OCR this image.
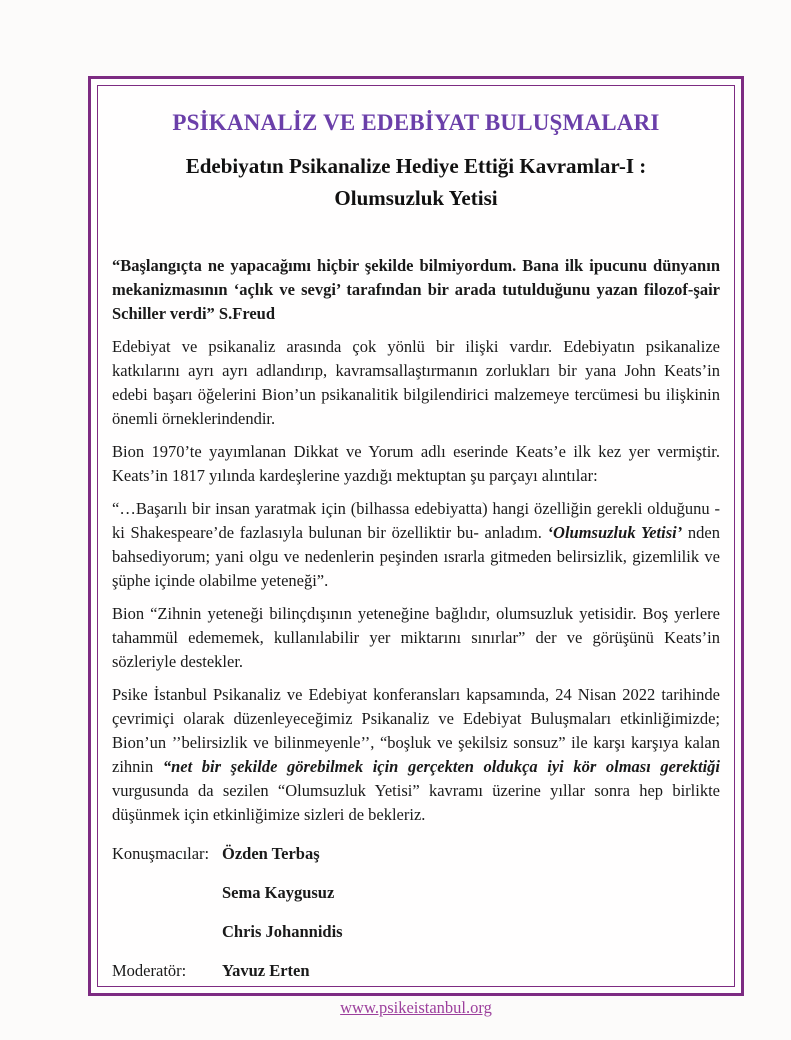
PSİKANALİZ VE EDEBİYAT BULUŞMALARI
Edebiyatın Psikanalize Hediye Ettiği Kavramlar-I :
Olumsuzluk Yetisi

“Başlangıçta ne yapacağımı hiçbir şekilde bilmiyordum. Bana ilk ipucunu dünyanın mekanizmasının ‘açlık ve sevgi’ tarafından bir arada tutulduğunu yazan filozof-şair Schiller verdi” S.Freud

Edebiyat ve psikanaliz arasında çok yönlü bir ilişki vardır. Edebiyatın psikanalize katkılarını ayrı ayrı adlandırıp, kavramsallaştırmanın zorlukları bir yana John Keats’in edebi başarı öğelerini Bion’un psikanalitik bilgilendirici malzemeye tercümesi bu ilişkinin önemli örneklerindendir.

Bion 1970’te yayımlanan Dikkat ve Yorum adlı eserinde Keats’e ilk kez yer vermiştir. Keats’in 1817 yılında kardeşlerine yazdığı mektuptan şu parçayı alıntılar:

“…Başarılı bir insan yaratmak için (bilhassa edebiyatta) hangi özelliğin gerekli olduğunu -ki Shakespeare’de fazlasıyla bulunan bir özelliktir bu- anladım. ‘Olumsuzluk Yetisi’ nden bahsediyorum; yani olgu ve nedenlerin peşinden ısrarla gitmeden belirsizlik, gizemlilik ve şüphe içinde olabilme yeteneği”.

Bion “Zihnin yeteneği bilinçdışının yeteneğine bağlıdır, olumsuzluk yetisidir. Boş yerlere tahammül edememek, kullanılabilir yer miktarını sınırlar” der ve görüşünü Keats’in sözleriyle destekler.

Psike İstanbul Psikanaliz ve Edebiyat konferansları kapsamında, 24 Nisan 2022 tarihinde çevrimiçi olarak düzenleyeceğimiz Psikanaliz ve Edebiyat Buluşmaları etkinliğimizde; Bion’un ’’belirsizlik ve bilinmeyenle’’, “boşluk ve şekilsiz sonsuz” ile karşı karşıya kalan zihnin “net bir şekilde görebilmek için gerçekten oldukça iyi kör olması gerektiği vurgusunda da sezilen “Olumsuzluk Yetisi” kavramı üzerine yıllar sonra hep birlikte düşünmek için etkinliğimize sizleri de bekleriz.

Konuşmacılar: Özden Terbaş
Sema Kaygusuz
Chris Johannidis
Moderatör:	Yavuz Erten
www.psikeistanbul.org
